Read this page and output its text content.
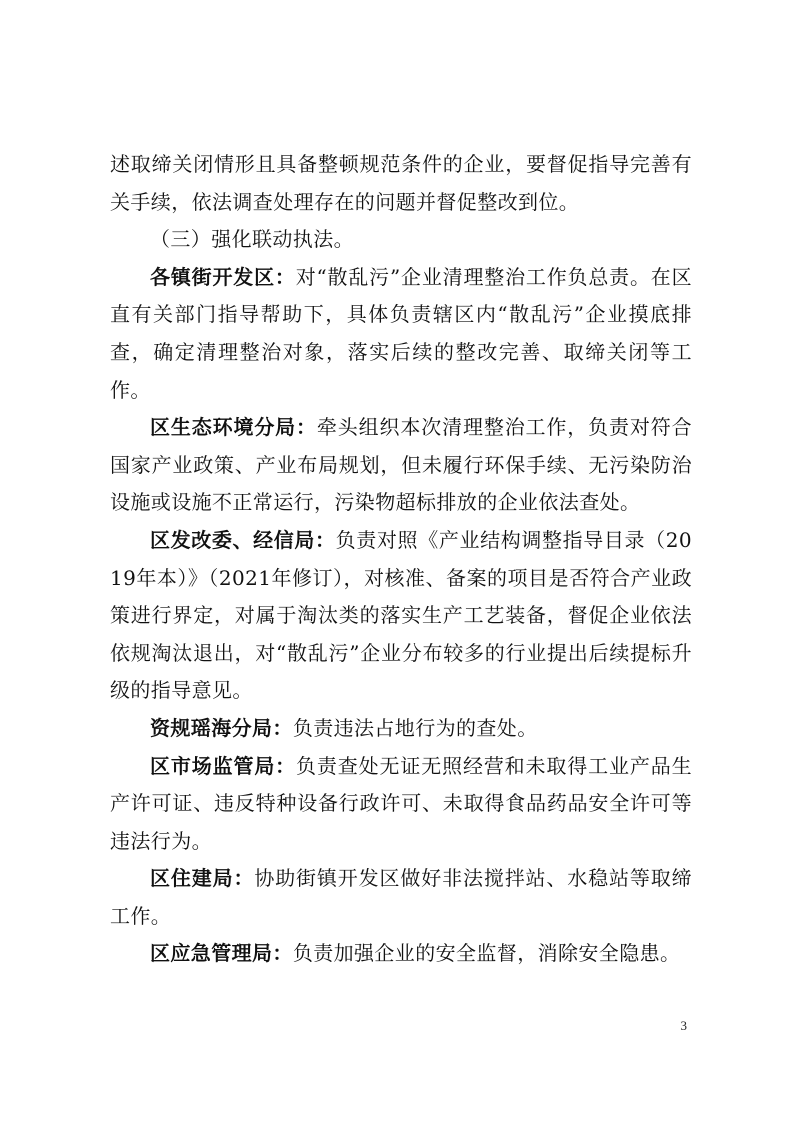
述取缔关闭情形且具备整顿规范条件的企业，要督促指导完善有关手续，依法调查处理存在的问题并督促整改到位。

（三）强化联动执法。

各镇街开发区：对“散乱污”企业清理整治工作负总责。在区直有关部门指导帮助下，具体负责辖区内“散乱污”企业摸底排查，确定清理整治对象，落实后续的整改完善、取缔关闭等工作。

区生态环境分局：牵头组织本次清理整治工作，负责对符合国家产业政策、产业布局规划，但未履行环保手续、无污染防治设施或设施不正常运行，污染物超标排放的企业依法查处。

区发改委、经信局：负责对照《产业结构调整指导目录（2019年本）》（2021年修订），对核准、备案的项目是否符合产业政策进行界定，对属于淘汰类的落实生产工艺装备，督促企业依法依规淘汰退出，对“散乱污”企业分布较多的行业提出后续提标升级的指导意见。

资规瑶海分局：负责违法占地行为的查处。

区市场监管局：负责查处无证无照经营和未取得工业产品生产许可证、违反特种设备行政许可、未取得食品药品安全许可等违法行为。

区住建局：协助街镇开发区做好非法搅拌站、水稳站等取缔工作。

区应急管理局：负责加强企业的安全监督，消除安全隐患。

3
